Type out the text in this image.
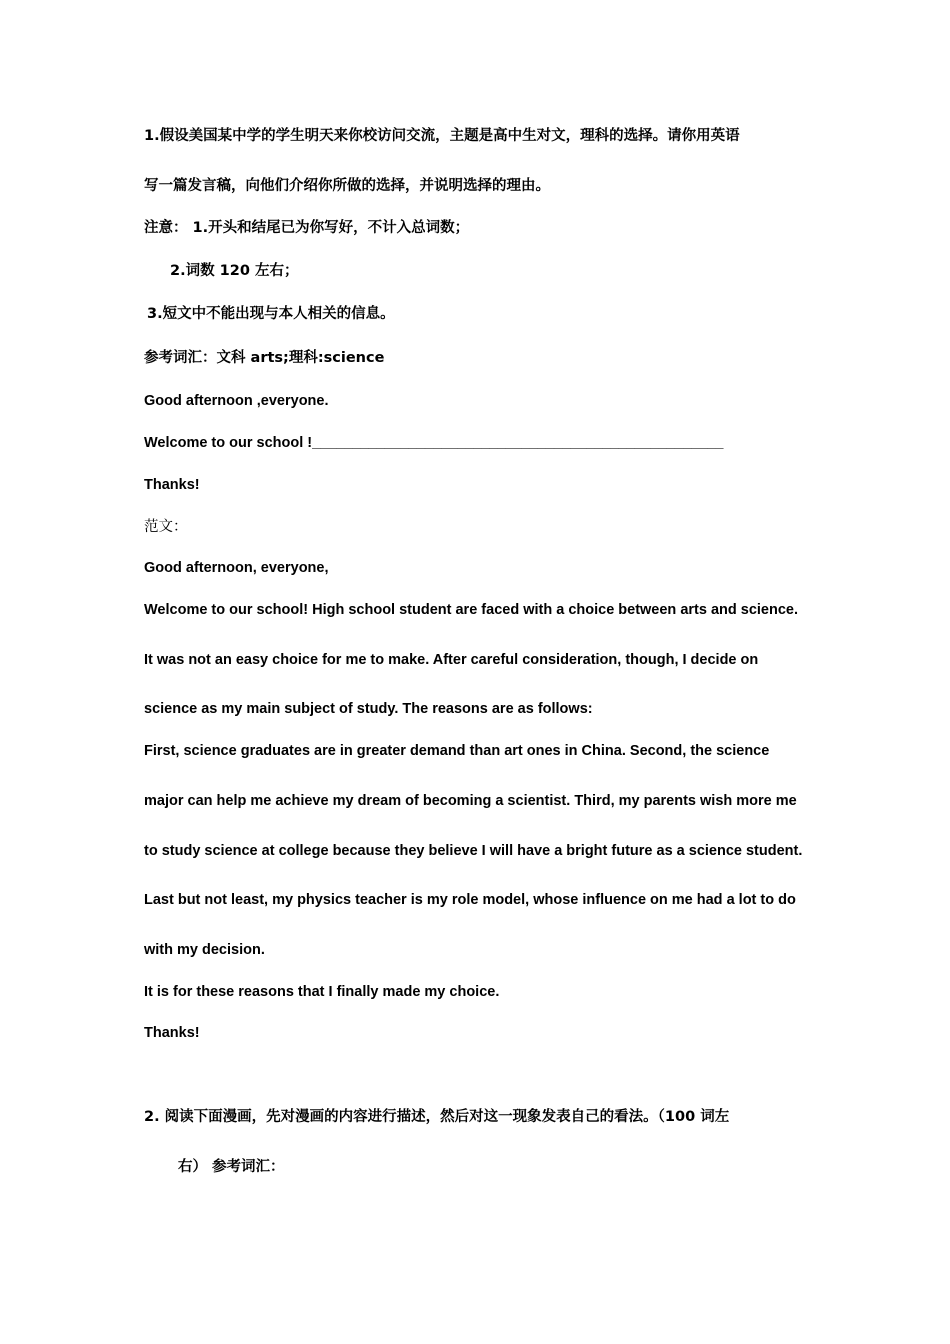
1.假设美国某中学的学生明天来你校访问交流，主题是高中生对文，理科的选择。请你用英语
写一篇发言稿，向他们介绍你所做的选择，并说明选择的理由。
注意： 1.开头和结尾已为你写好，不计入总词数；
2.词数 120 左右；
3.短文中不能出现与本人相关的信息。
参考词汇：文科 arts;理科:science
Good afternoon ,everyone.
Welcome to our school !___________________________________________________
Thanks!
范文：
Good afternoon, everyone,
Welcome to our school! High school student are faced with a choice between arts and science.
It was not an easy choice for me to make. After careful consideration, though, I decide on
science as my main subject of study. The reasons are as follows:
First, science graduates are in greater demand than art ones in China. Second, the science
major can help me achieve my dream of becoming a scientist. Third, my parents wish more me
to study science at college because they believe I will have a bright future as a science student.
Last but not least, my physics teacher is my role model, whose influence on me had a lot to do
with my decision.
It is for these reasons that I finally made my choice.
Thanks!
2. 阅读下面漫画，先对漫画的内容进行描述，然后对这一现象发表自己的看法。（100 词左
右） 参考词汇：
